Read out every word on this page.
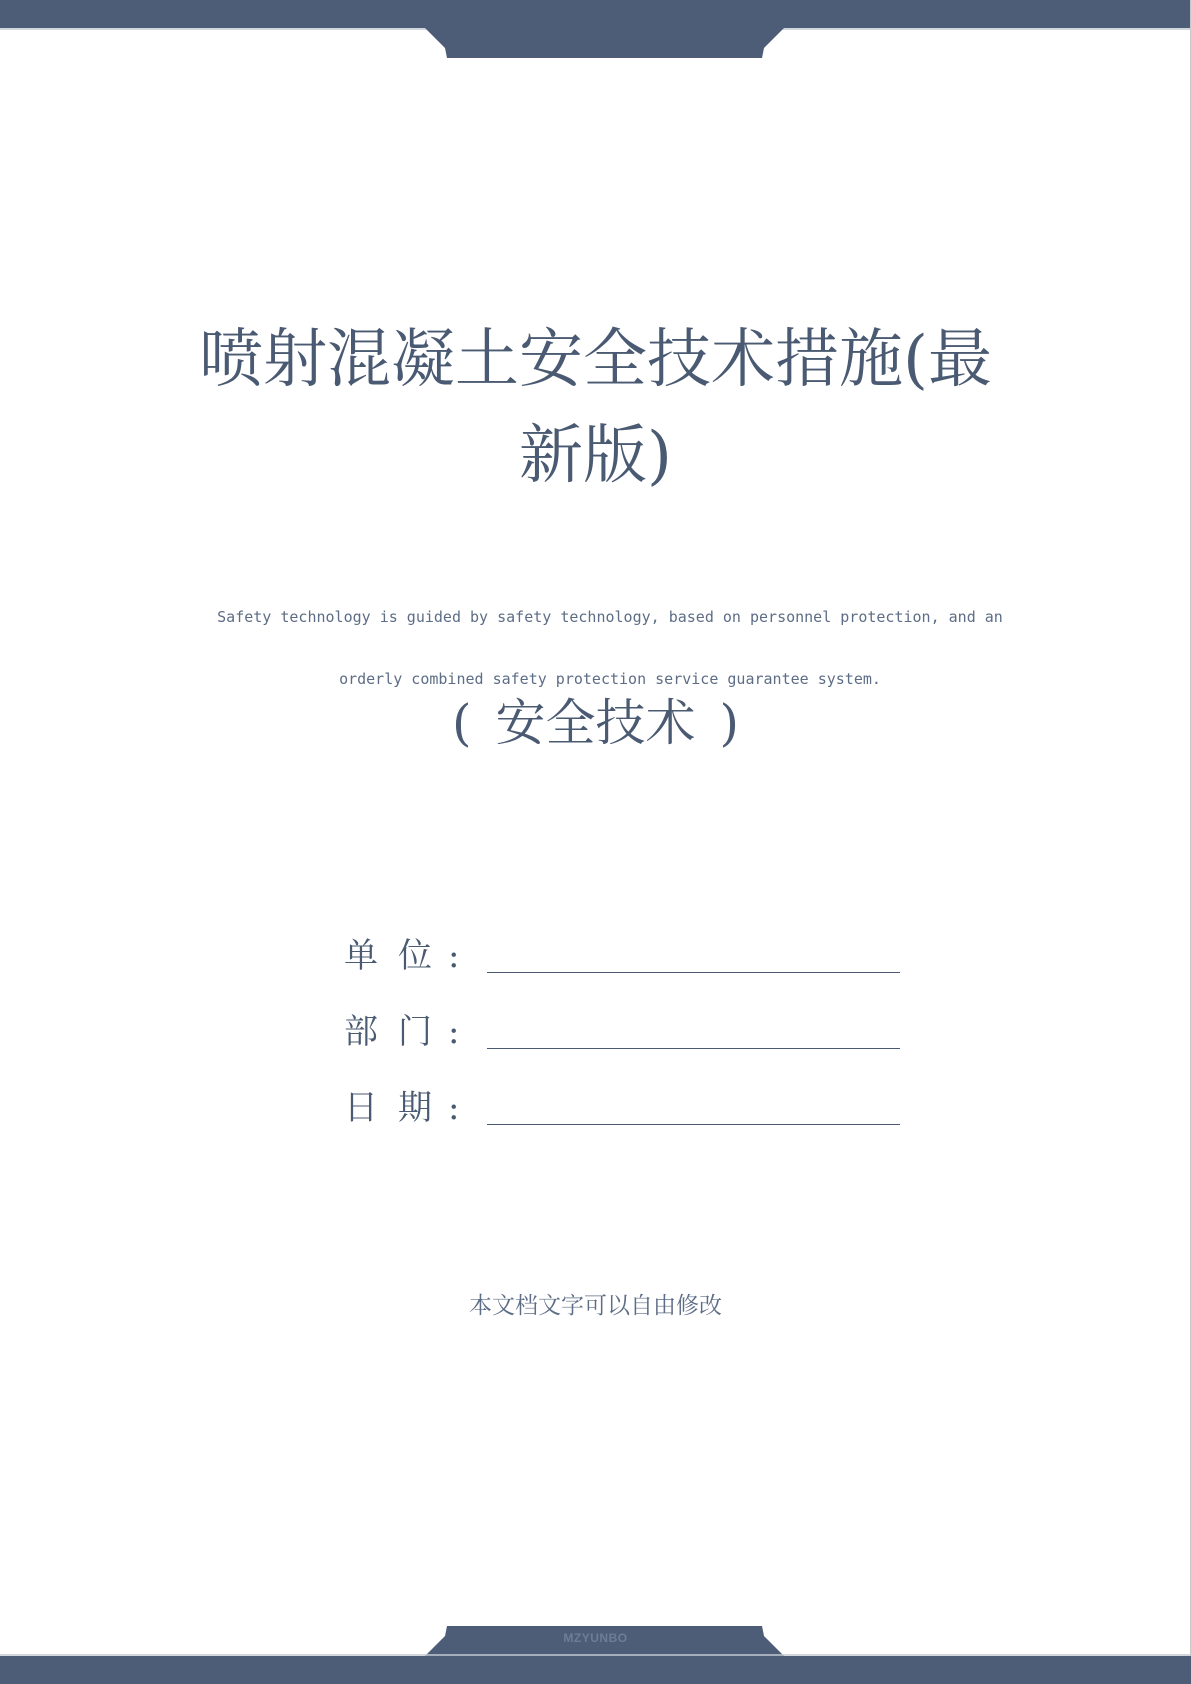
喷射混凝土安全技术措施(最
新版)
Safety technology is guided by safety technology, based on personnel protection, and an
orderly combined safety protection service guarantee system.
( 安全技术 )
单 位 :
部 门 :
日 期 :
本文档文字可以自由修改
MZYUNBO
